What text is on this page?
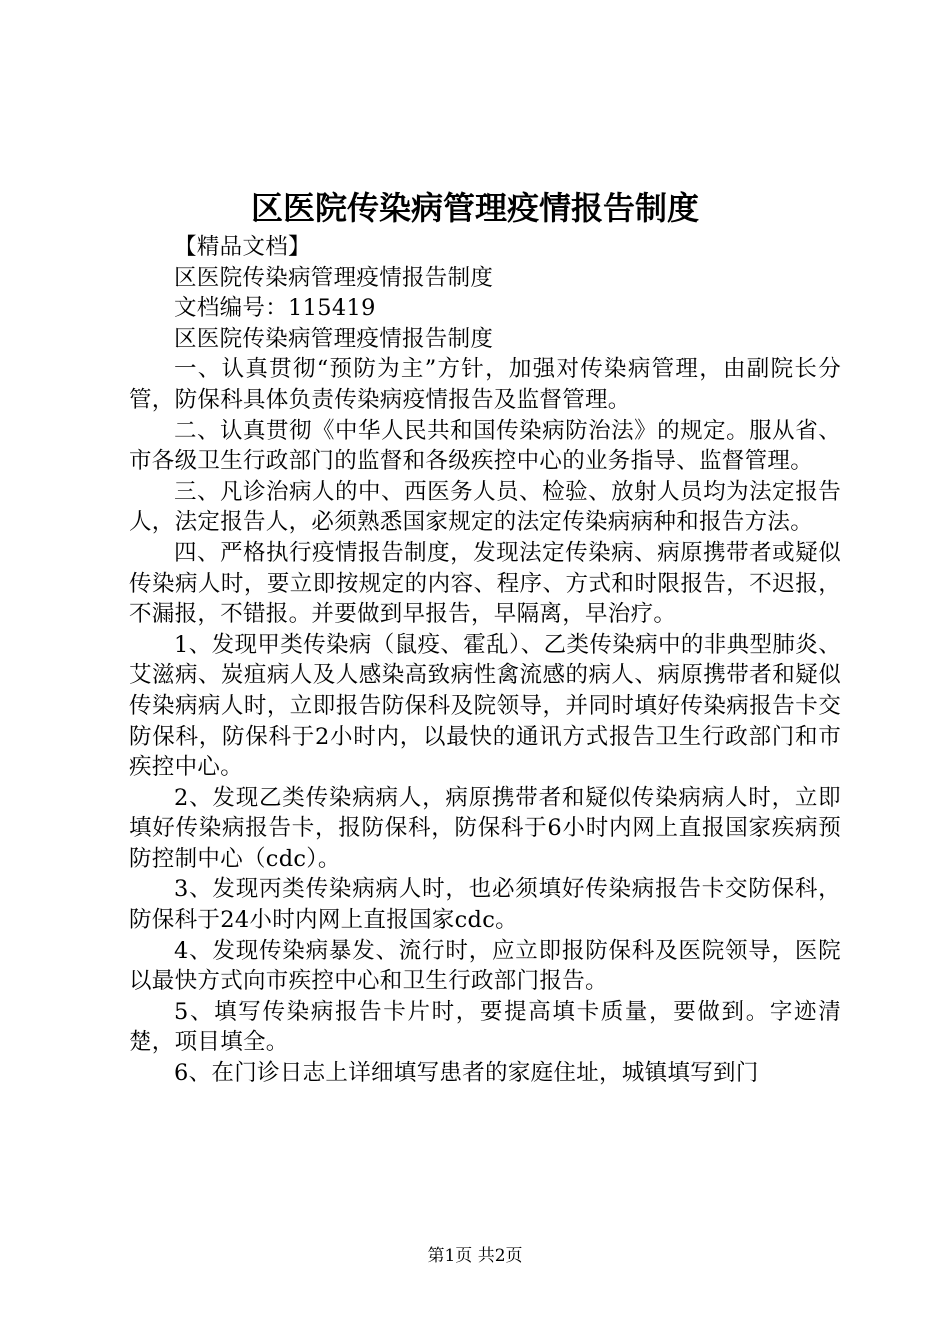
区医院传染病管理疫情报告制度

【精品文档】

区医院传染病管理疫情报告制度

文档编号：115419

区医院传染病管理疫情报告制度

一、认真贯彻“预防为主”方针，加强对传染病管理，由副院长分管，防保科具体负责传染病疫情报告及监督管理。

二、认真贯彻《中华人民共和国传染病防治法》的规定。服从省、市各级卫生行政部门的监督和各级疾控中心的业务指导、监督管理。

三、凡诊治病人的中、西医务人员、检验、放射人员均为法定报告人，法定报告人，必须熟悉国家规定的法定传染病病种和报告方法。

四、严格执行疫情报告制度，发现法定传染病、病原携带者或疑似传染病人时，要立即按规定的内容、程序、方式和时限报告，不迟报，不漏报，不错报。并要做到早报告，早隔离，早治疗。

1、发现甲类传染病（鼠疫、霍乱）、乙类传染病中的非典型肺炎、艾滋病、炭疽病人及人感染高致病性禽流感的病人、病原携带者和疑似传染病病人时，立即报告防保科及院领导，并同时填好传染病报告卡交防保科，防保科于2小时内，以最快的通讯方式报告卫生行政部门和市疾控中心。

2、发现乙类传染病病人，病原携带者和疑似传染病病人时，立即填好传染病报告卡，报防保科，防保科于6小时内网上直报国家疾病预防控制中心（cdc）。

3、发现丙类传染病病人时，也必须填好传染病报告卡交防保科，防保科于24小时内网上直报国家cdc。

4、发现传染病暴发、流行时，应立即报防保科及医院领导，医院以最快方式向市疾控中心和卫生行政部门报告。

5、填写传染病报告卡片时，要提高填卡质量，要做到。字迹清楚，项目填全。

6、在门诊日志上详细填写患者的家庭住址，城镇填写到门

第1页 共2页
